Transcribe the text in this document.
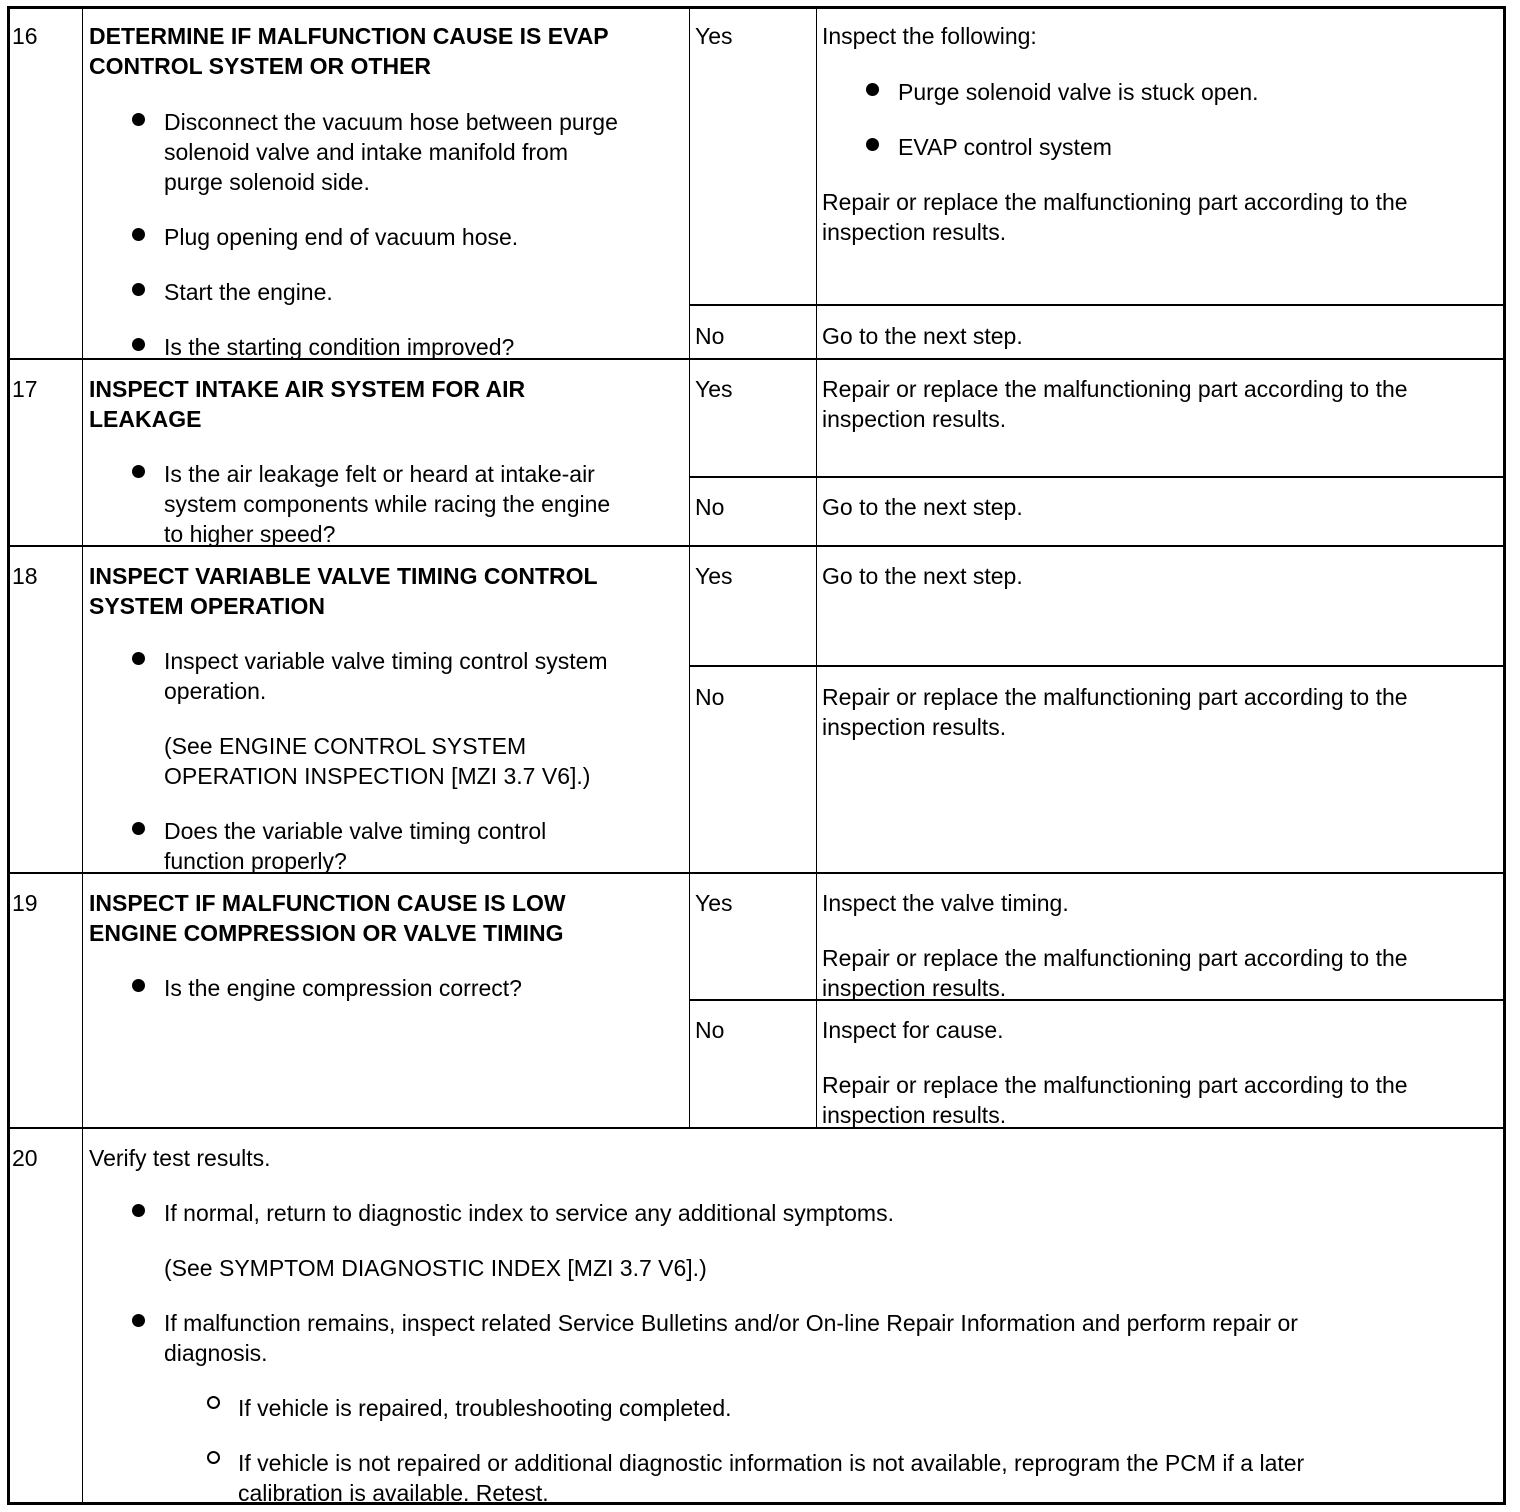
16 DETERMINE IF MALFUNCTION CAUSE IS EVAP
CONTROL SYSTEM OR OTHER
Disconnect the vacuum hose between purge
solenoid valve and intake manifold from
purge solenoid side.
Plug opening end of vacuum hose.
Start the engine.
Is the starting condition improved?
Yes	Inspect the following:
Purge solenoid valve is stuck open.
EVAP control system
Repair or replace the malfunctioning part according to the
inspection results.
No	Go to the next step.
17 INSPECT INTAKE AIR SYSTEM FOR AIR
LEAKAGE
Is the air leakage felt or heard at intake-air
system components while racing the engine
to higher speed?
Yes	Repair or replace the malfunctioning part according to the
inspection results.
No	Go to the next step.
18 INSPECT VARIABLE VALVE TIMING CONTROL
SYSTEM OPERATION
Inspect variable valve timing control system
operation.
(See ENGINE CONTROL SYSTEM
OPERATION INSPECTION [MZI 3.7 V6].)
Does the variable valve timing control
function properly?
Yes	Go to the next step.
No	Repair or replace the malfunctioning part according to the
inspection results.
19 INSPECT IF MALFUNCTION CAUSE IS LOW
ENGINE COMPRESSION OR VALVE TIMING
Is the engine compression correct?
Yes	Inspect the valve timing.
Repair or replace the malfunctioning part according to the
inspection results.
No	Inspect for cause.
Repair or replace the malfunctioning part according to the
inspection results.
20 Verify test results.
If normal, return to diagnostic index to service any additional symptoms.
(See SYMPTOM DIAGNOSTIC INDEX [MZI 3.7 V6].)
If malfunction remains, inspect related Service Bulletins and/or On-line Repair Information and perform repair or
diagnosis.
If vehicle is repaired, troubleshooting completed.
If vehicle is not repaired or additional diagnostic information is not available, reprogram the PCM if a later
calibration is available. Retest.
